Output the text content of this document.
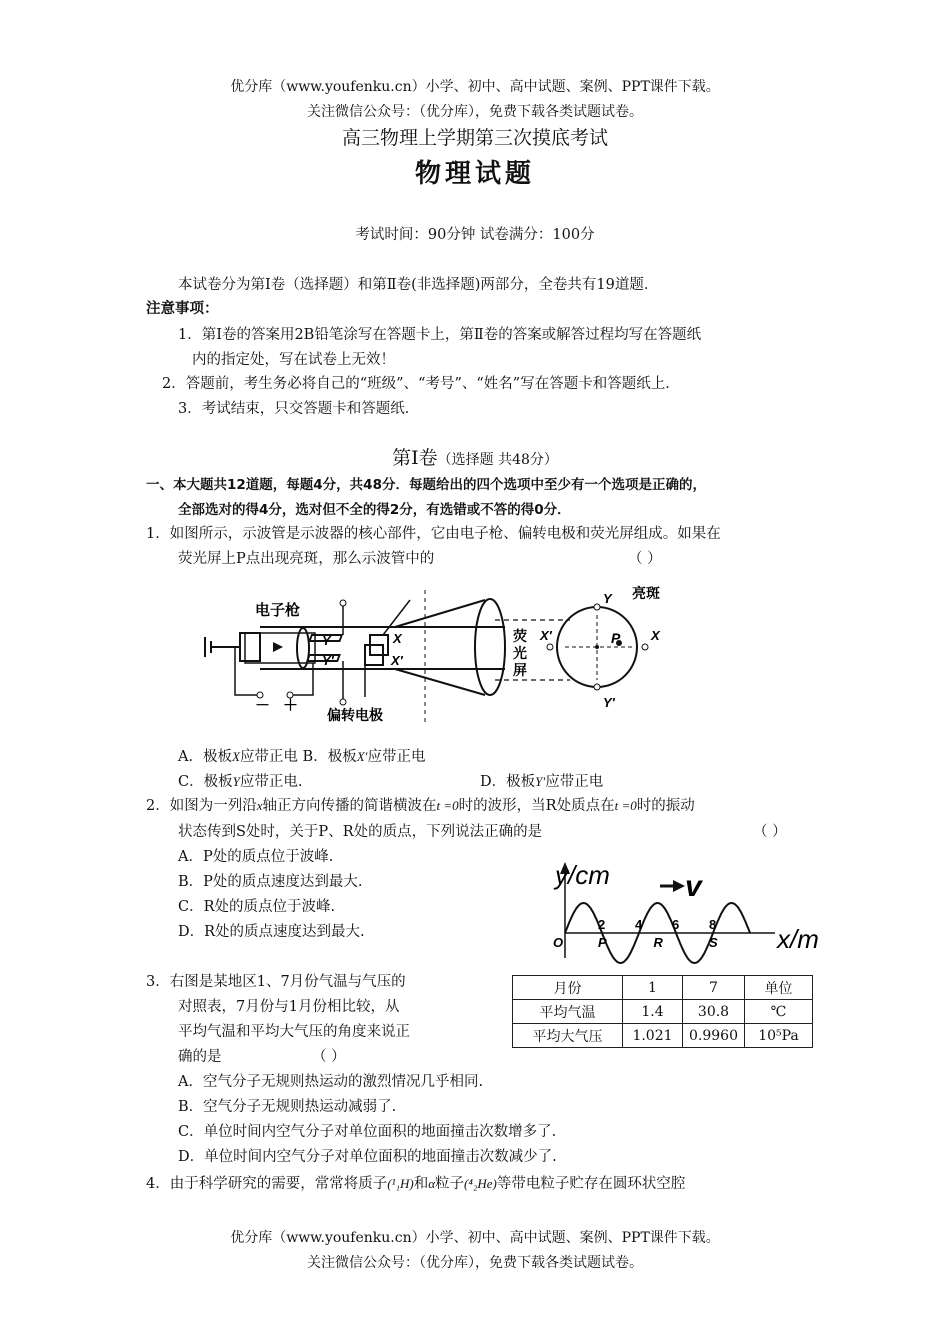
优分库（www.youfenku.cn）小学、初中、高中试题、案例、PPT课件下载。
关注微信公众号：（优分库），免费下载各类试题试卷。
高三物理上学期第三次摸底考试
物理试题
考试时间：90分钟 试卷满分：100分
本试卷分为第Ⅰ卷（选择题）和第Ⅱ卷(非选择题)两部分，全卷共有19道题．
注意事项：
1．第Ⅰ卷的答案用2B铅笔涂写在答题卡上，第Ⅱ卷的答案或解答过程均写在答题纸
内的指定处，写在试卷上无效！
2．答题前，考生务必将自己的“班级”、“考号”、“姓名”写在答题卡和答题纸上．
3．考试结束，只交答题卡和答题纸．
第Ⅰ卷（选择题 共48分）
一、本大题共12道题，每题4分，共48分．每题给出的四个选项中至少有一个选项是正确的，
全部选对的得4分，选对但不全的得2分，有选错或不答的得0分．
1．如图所示，示波管是示波器的核心部件，它由电子枪、偏转电极和荧光屏组成。如果在
荧光屏上P点出现亮斑，那么示波管中的	（ ）
电子枪
偏转电极
荧
光
屏
亮斑
－ ＋
Y
Y′
X
X′
Y
Y′
X′	X
P
A．极板X应带正电 B．极板X′应带正电
C．极板Y应带正电.	D．极板Y′应带正电
2．如图为一列沿x轴正方向传播的简谐横波在t =0时的波形，当R处质点在t =0时的振动
状态传到S处时，关于P、R处的质点，下列说法正确的是	（ ）
A．P处的质点位于波峰.
B．P处的质点速度达到最大.
C．R处的质点位于波峰.
D．R处的质点速度达到最大.	2 4 6 8
O	P	R	S
y/cm
x/m
v
3．右图是某地区1、7月份气温与气压的
对照表，7月份与1月份相比较，从
平均气温和平均大气压的角度来说正
确的是	（ ）
月份	1	7	单位
平均气温	1.4	30.8	℃
平均大气压	1.021	0.9960	10⁵Pa
A．空气分子无规则热运动的激烈情况几乎相同.
B．空气分子无规则热运动减弱了.
C．单位时间内空气分子对单位面积的地面撞击次数增多了.
D．单位时间内空气分子对单位面积的地面撞击次数减少了.
4．由于科学研究的需要，常常将质子(¹₁H)和α粒子(⁴₂He)等带电粒子贮存在圆环状空腔
优分库（www.youfenku.cn）小学、初中、高中试题、案例、PPT课件下载。
关注微信公众号：（优分库），免费下载各类试题试卷。
